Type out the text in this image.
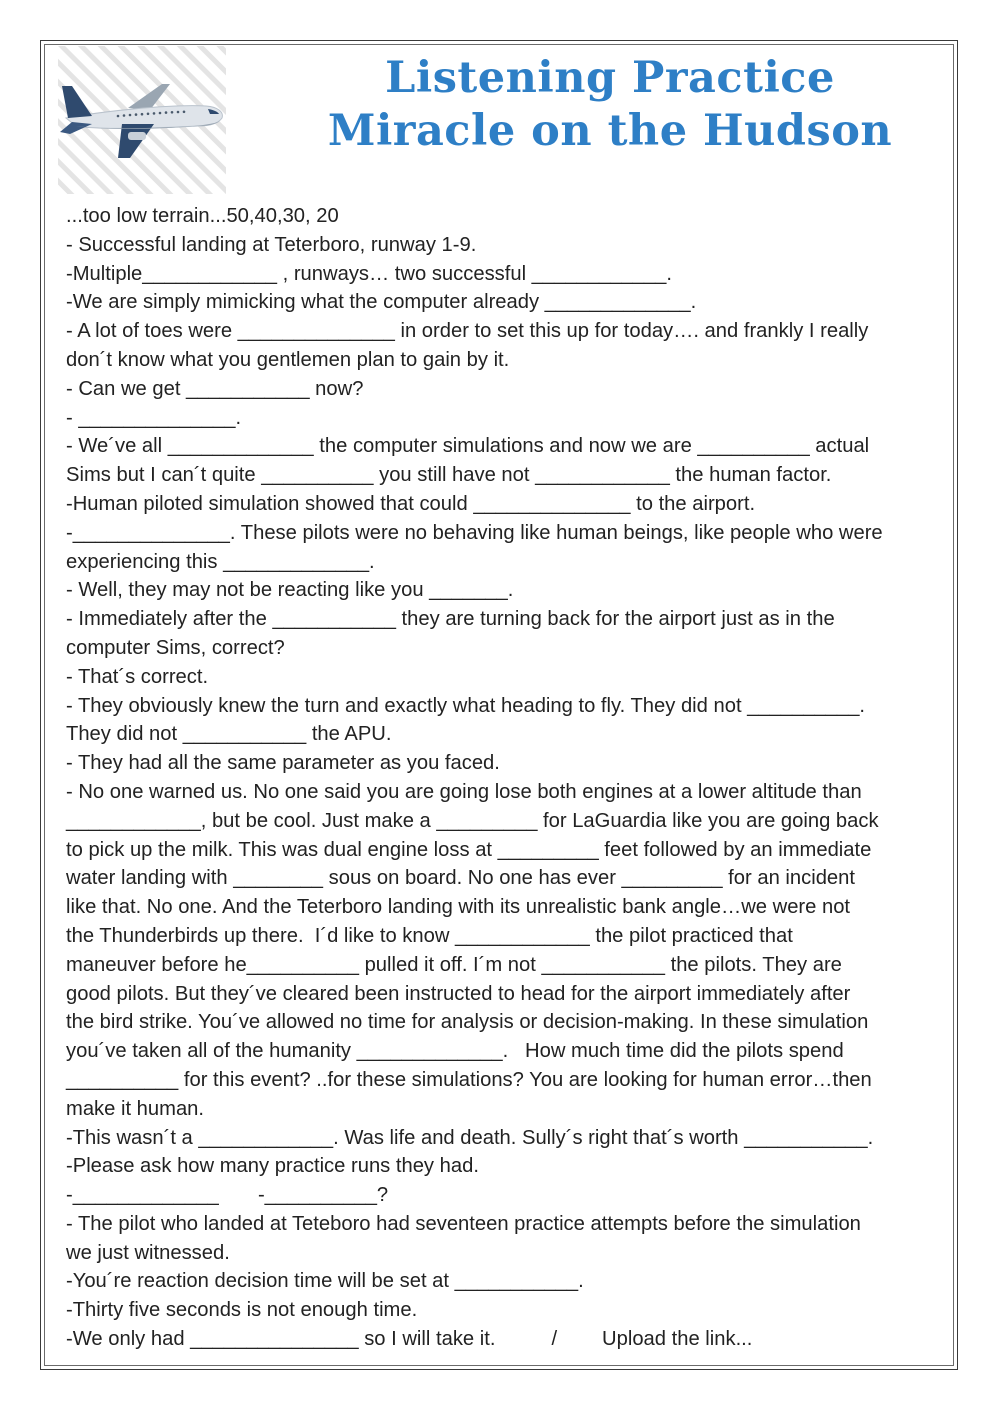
Listening Practice
Miracle on the Hudson
...too low terrain...50,40,30, 20
- Successful landing at Teterboro, runway 1-9.
-Multiple____________ , runways… two successful ____________.
-We are simply mimicking what the computer already _____________.
- A lot of toes were ______________ in order to set this up for today…. and frankly I really
don´t know what you gentlemen plan to gain by it.
- Can we get ___________ now?
- ______________.
- We´ve all _____________ the computer simulations and now we are __________ actual
Sims but I can´t quite __________ you still have not ____________ the human factor.
-Human piloted simulation showed that could ______________ to the airport.
-______________. These pilots were no behaving like human beings, like people who were
experiencing this _____________.
- Well, they may not be reacting like you _______.
- Immediately after the ___________ they are turning back for the airport just as in the
computer Sims, correct?
- That´s correct.
- They obviously knew the turn and exactly what heading to fly. They did not __________.
They did not ___________ the APU.
- They had all the same parameter as you faced.
- No one warned us. No one said you are going lose both engines at a lower altitude than
____________, but be cool. Just make a _________ for LaGuardia like you are going back
to pick up the milk. This was dual engine loss at _________ feet followed by an immediate
water landing with ________ sous on board. No one has ever _________ for an incident
like that. No one. And the Teterboro landing with its unrealistic bank angle…we were not
the Thunderbirds up there.  I´d like to know ____________ the pilot practiced that
maneuver before he__________ pulled it off. I´m not ___________ the pilots. They are
good pilots. But they´ve cleared been instructed to head for the airport immediately after
the bird strike. You´ve allowed no time for analysis or decision-making. In these simulation
you´ve taken all of the humanity _____________.   How much time did the pilots spend
__________ for this event? ..for these simulations? You are looking for human error…then
make it human.
-This wasn´t a ____________. Was life and death. Sully´s right that´s worth ___________.
-Please ask how many practice runs they had.
-_____________       -__________?
- The pilot who landed at Teteboro had seventeen practice attempts before the simulation
we just witnessed.
-You´re reaction decision time will be set at ___________.
-Thirty five seconds is not enough time.
-We only had _______________ so I will take it.          /        Upload the link...
